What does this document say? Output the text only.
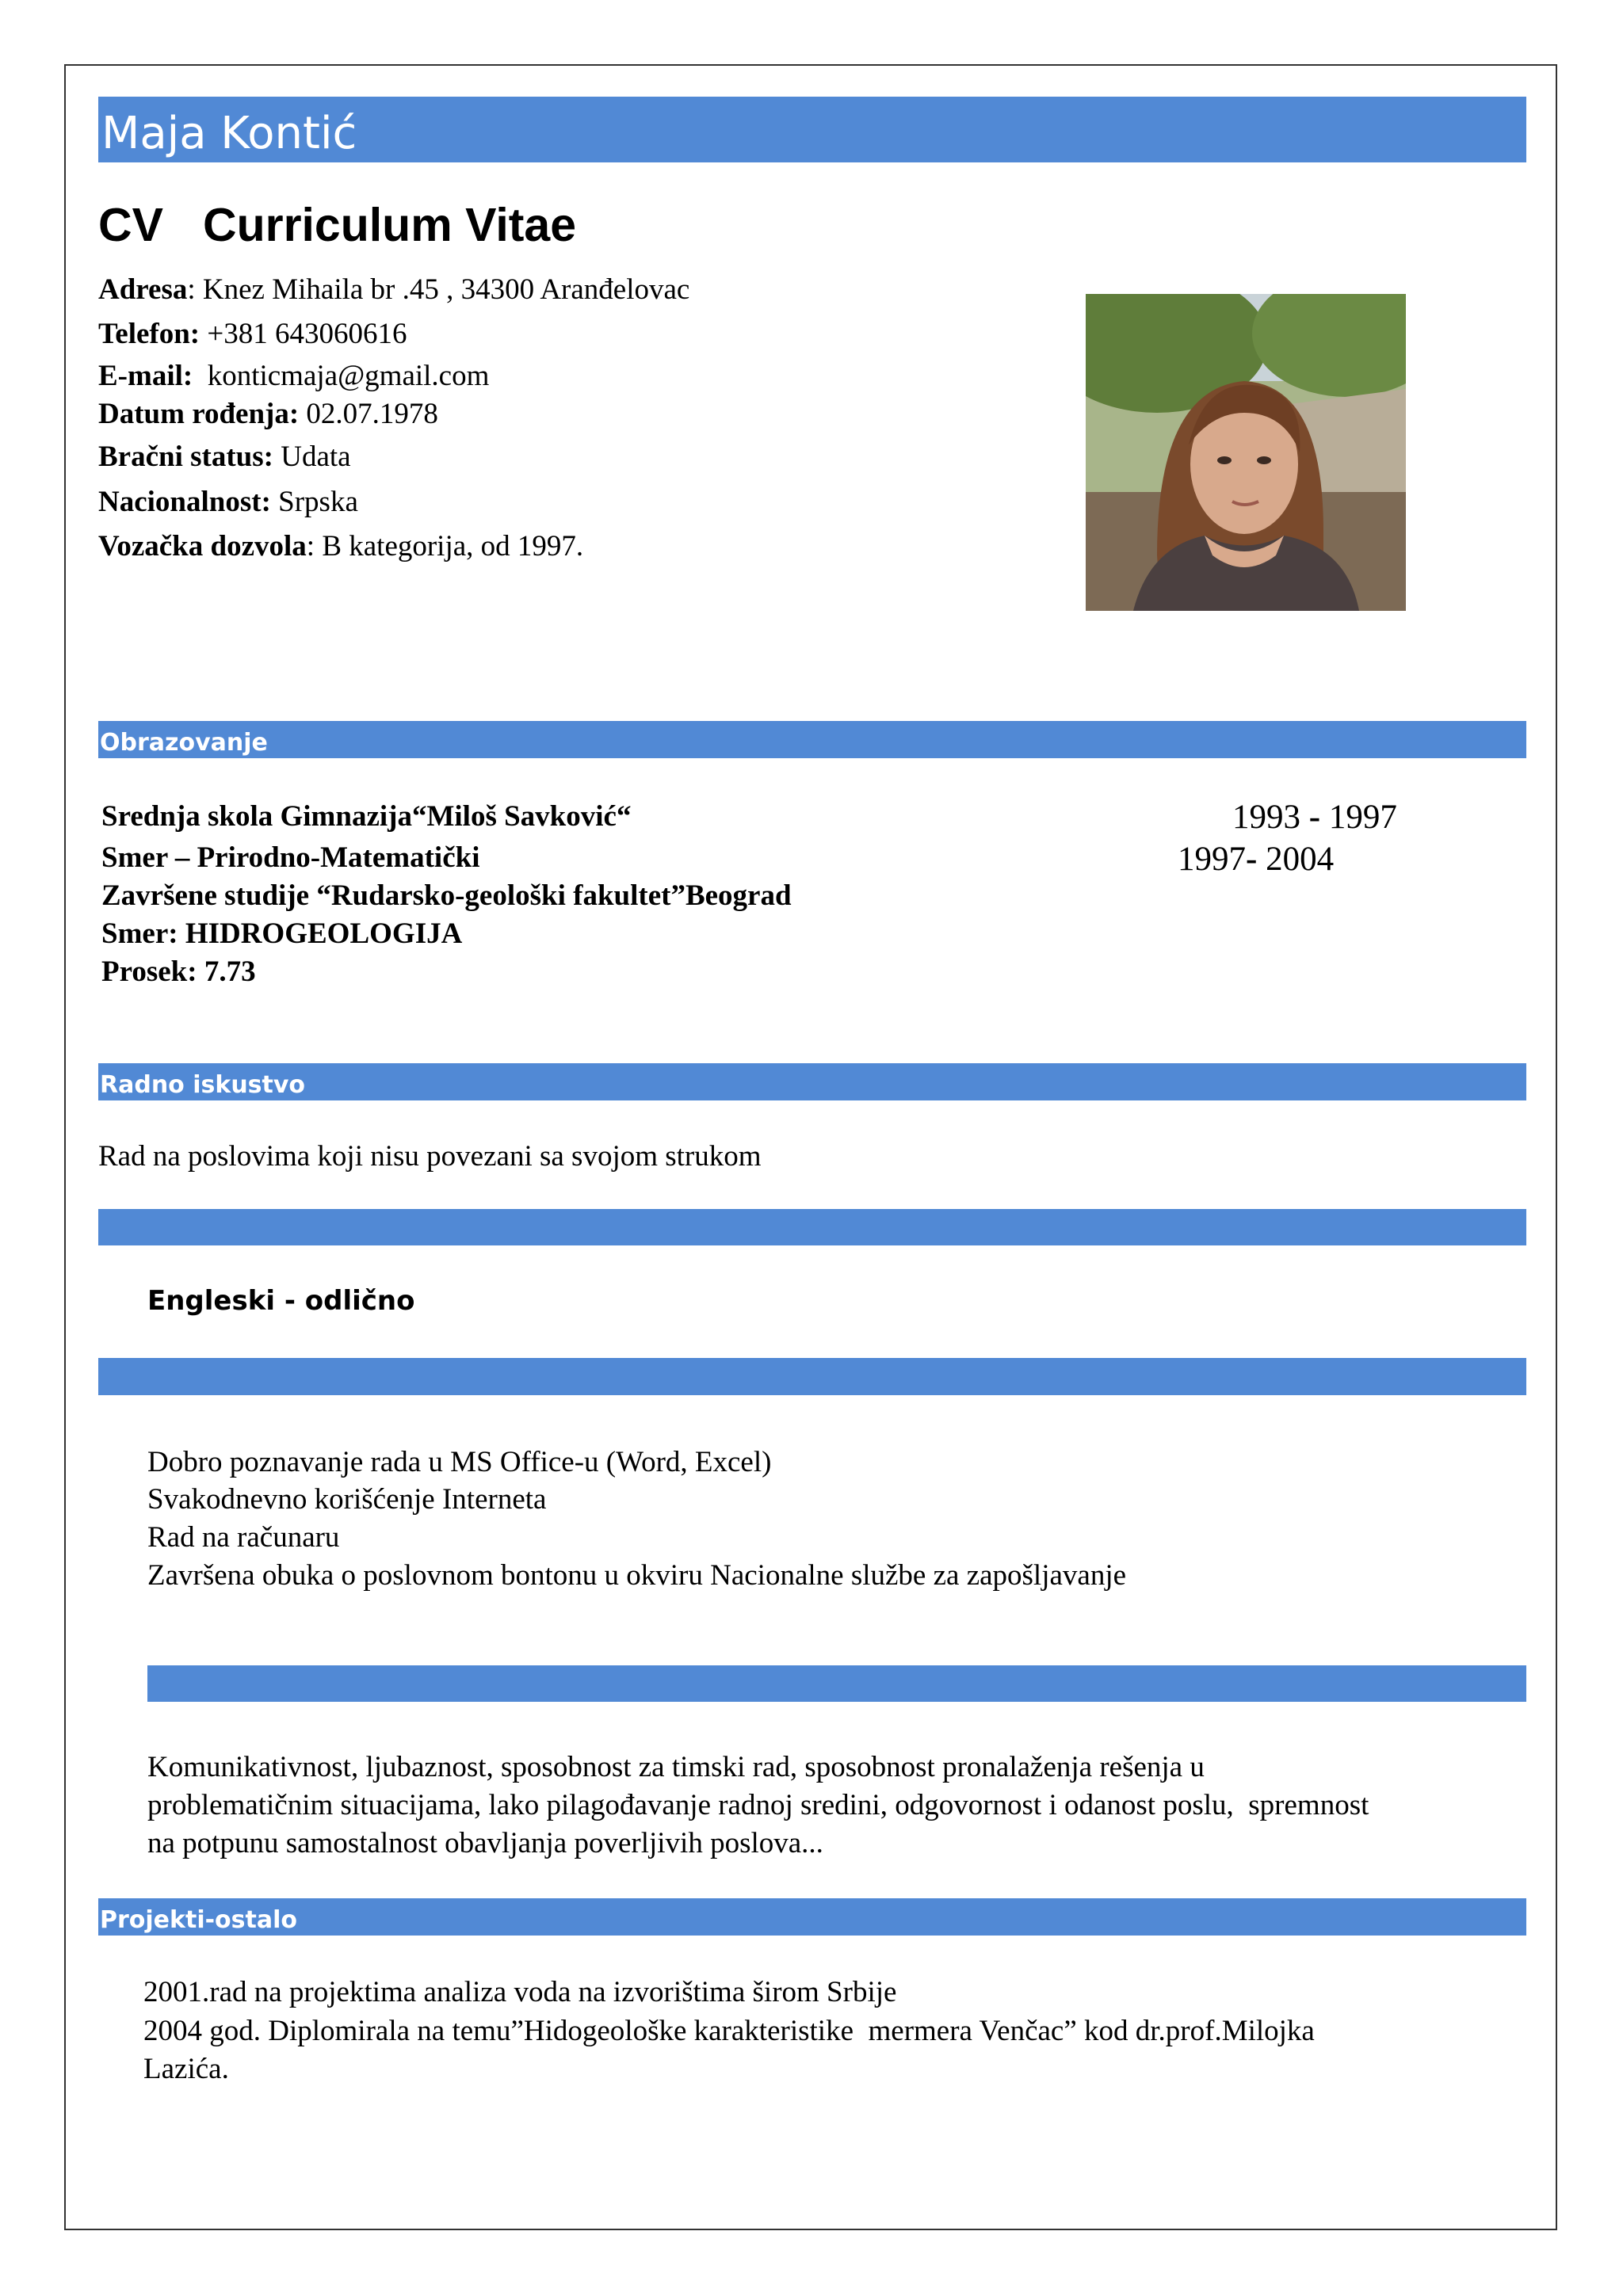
Maja Kontić
CV Curriculum Vitae
Adresa: Knez Mihaila br .45 , 34300 Aranđelovac
Telefon: +381 643060616
E-mail: konticmaja@gmail.com
Datum rođenja: 02.07.1978
Bračni status: Udata
Nacionalnost: Srpska
Vozačka dozvola: B kategorija, od 1997.
Obrazovanje
Srednja skola Gimnazija“Miloš Savković“
Smer – Prirodno-Matematički
Završene studije “Rudarsko-geološki fakultet”Beograd
Smer: HIDROGEOLOGIJA
Prosek: 7.73
1993 - 1997
1997- 2004
Radno iskustvo
Rad na poslovima koji nisu povezani sa svojom strukom
Engleski - odlično
Dobro poznavanje rada u MS Office-u (Word, Excel)
Svakodnevno korišćenje Interneta
Rad na računaru
Završena obuka o poslovnom bontonu u okviru Nacionalne službe za zapošljavanje
Komunikativnost, ljubaznost, sposobnost za timski rad, sposobnost pronalaženja rešenja u
problematičnim situacijama, lako pilagođavanje radnoj sredini, odgovornost i odanost poslu,  spremnost
na potpunu samostalnost obavljanja poverljivih poslova...
Projekti-ostalo
2001.rad na projektima analiza voda na izvorištima širom Srbije
2004 god. Diplomirala na temu”Hidogeološke karakteristike  mermera Venčac” kod dr.prof.Milojka
Lazića.
